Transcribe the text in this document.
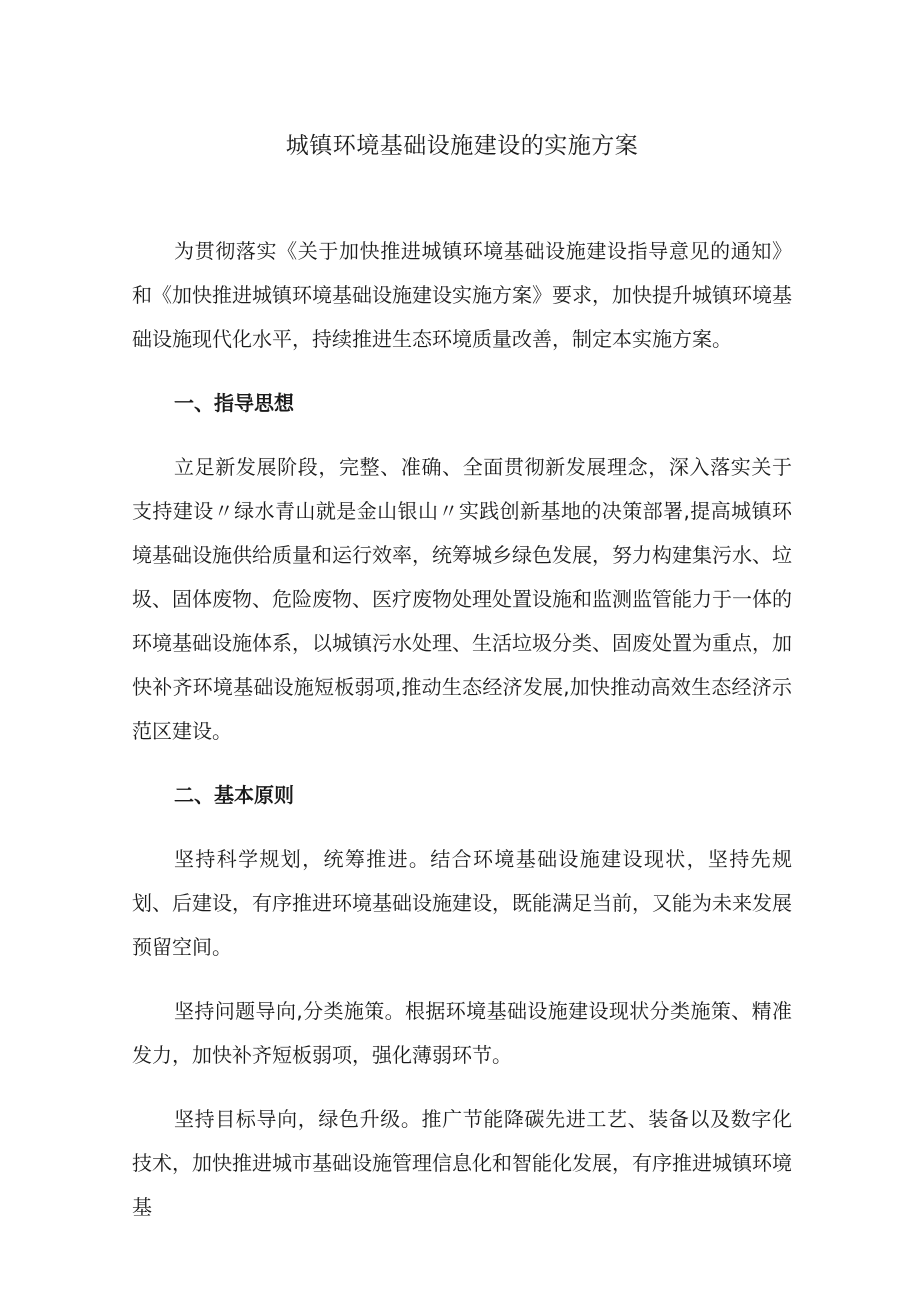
城镇环境基础设施建设的实施方案

为贯彻落实《关于加快推进城镇环境基础设施建设指导意见的通知》和《加快推进城镇环境基础设施建设实施方案》要求，加快提升城镇环境基础设施现代化水平，持续推进生态环境质量改善，制定本实施方案。

一、指导思想

立足新发展阶段，完整、准确、全面贯彻新发展理念，深入落实关于支持建设〃绿水青山就是金山银山〃实践创新基地的决策部署,提高城镇环境基础设施供给质量和运行效率，统筹城乡绿色发展，努力构建集污水、垃圾、固体废物、危险废物、医疗废物处理处置设施和监测监管能力于一体的环境基础设施体系，以城镇污水处理、生活垃圾分类、固废处置为重点，加快补齐环境基础设施短板弱项,推动生态经济发展,加快推动高效生态经济示范区建设。

二、基本原则

坚持科学规划，统筹推进。结合环境基础设施建设现状，坚持先规划、后建设，有序推进环境基础设施建设，既能满足当前，又能为未来发展预留空间。

坚持问题导向,分类施策。根据环境基础设施建设现状分类施策、精准发力，加快补齐短板弱项，强化薄弱环节。

坚持目标导向，绿色升级。推广节能降碳先进工艺、装备以及数字化技术，加快推进城市基础设施管理信息化和智能化发展，有序推进城镇环境基
